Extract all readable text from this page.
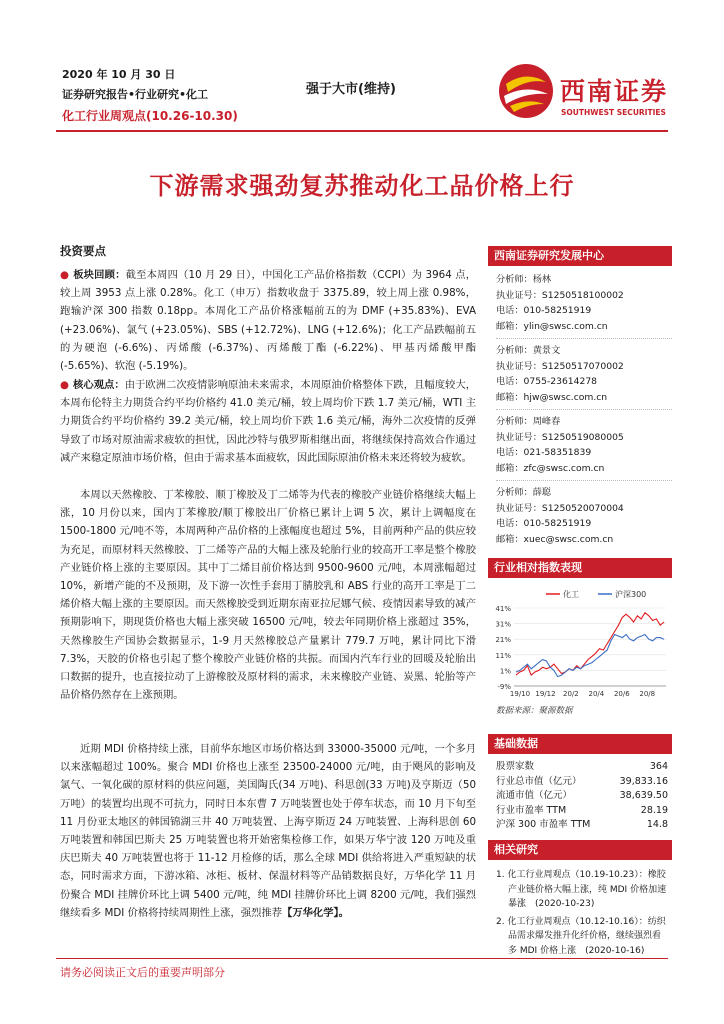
2020 年 10 月 30 日
证券研究报告•行业研究•化工
化工行业周观点(10.26-10.30)
强于大市(维持)	西南证券
SOUTHWEST SECURITIES
下游需求强劲复苏推动化工品价格上行
投资要点
● 板块回顾：截至本周四（10 月 29 日），中国化工产品价格指数（CCPI）为 3964 点，较上周 3953 点上涨 0.28%。化工（申万）指数收盘于 3375.89，较上周上涨 0.98%，跑输沪深 300 指数 0.18pp。本周化工产品价格涨幅前五的为 DMF (+35.83%)、EVA (+23.06%)、氯气 (+23.05%)、SBS (+12.72%)、LNG (+12.6%)；化工产品跌幅前五的为硬泡 (-6.6%)、丙烯酸 (-6.37%)、丙烯酸丁酯 (-6.22%)、甲基丙烯酸甲酯 (-5.65%)、软泡 (-5.19%)。
● 核心观点：由于欧洲二次疫情影响原油未来需求，本周原油价格整体下跌，且幅度较大，本周布伦特主力期货合约平均价格约 41.0 美元/桶，较上周均价下跌 1.7 美元/桶，WTI 主力期货合约平均价格约 39.2 美元/桶，较上周均价下跌 1.6 美元/桶，海外二次疫情的反弹导致了市场对原油需求疲软的担忧，因此沙特与俄罗斯相继出面，将继续保持高效合作通过减产来稳定原油市场价格，但由于需求基本面疲软，因此国际原油价格未来还将较为疲软。
本周以天然橡胶、丁苯橡胶、顺丁橡胶及丁二烯等为代表的橡胶产业链价格继续大幅上涨，10 月份以来，国内丁苯橡胶/顺丁橡胶出厂价格已累计上调 5 次，累计上调幅度在 1500-1800 元/吨不等，本周两种产品价格的上涨幅度也超过 5%，目前两种产品的供应较为充足，而原材料天然橡胶、丁二烯等产品的大幅上涨及轮胎行业的较高开工率是整个橡胶产业链价格上涨的主要原因。其中丁二烯目前价格达到 9500-9600 元/吨，本周涨幅超过 10%，新增产能的不及预期，及下游一次性手套用丁腈胶乳和 ABS 行业的高开工率是丁二烯价格大幅上涨的主要原因。而天然橡胶受到近期东南亚拉尼娜气候、疫情因素导致的减产预期影响下，期现货价格也大幅上涨突破 16500 元/吨，较去年同期价格上涨超过 35%，天然橡胶生产国协会数据显示，1-9 月天然橡胶总产量累计 779.7 万吨，累计同比下滑 7.3%，天胶的价格也引起了整个橡胶产业链价格的共振。而国内汽车行业的回暖及轮胎出口数据的提升，也直接拉动了上游橡胶及原材料的需求，未来橡胶产业链、炭黑、轮胎等产品价格仍然存在上涨预期。
近期 MDI 价格持续上涨，目前华东地区市场价格达到 33000-35000 元/吨，一个多月以来涨幅超过 100%。聚合 MDI 价格也上涨至 23500-24000 元/吨，由于飓风的影响及氯气、一氧化碳的原材料的供应问题，美国陶氏(34 万吨)、科思创(33 万吨)及亨斯迈（50 万吨）的装置均出现不可抗力，同时日本东曹 7 万吨装置也处于停车状态，而 10 月下旬至 11 月份亚太地区的韩国锦湖三井 40 万吨装置、上海亨斯迈 24 万吨装置、上海科思创 60 万吨装置和韩国巴斯夫 25 万吨装置也将开始密集检修工作，如果万华宁波 120 万吨及重庆巴斯夫 40 万吨装置也将于 11-12 月检修的话，那么全球 MDI 供给将进入严重短缺的状态，同时需求方面，下游冰箱、冰柜、板材、保温材料等产品销数据良好，万华化学 11 月份聚合 MDI 挂牌价环比上调 5400 元/吨，纯 MDI 挂牌价环比上调 8200 元/吨，我们强烈继续看多 MDI 价格将持续周期性上涨，强烈推荐【万华化学】。
西南证券研究发展中心
分析师：杨林
执业证号：S1250518100002
电话：010-58251919
邮箱：ylin@swsc.com.cn
分析师：黄景文
执业证号：S1250517070002
电话：0755-23614278
邮箱：hjw@swsc.com.cn
分析师：周峰春
执业证号：S1250519080005
电话：021-58351839
邮箱：zfc@swsc.com.cn
分析师：薛聪
执业证号：S1250520070004
电话：010-58251919
邮箱：xuec@swsc.com.cn
行业相对指数表现
化工	沪深300
41%
31%
21%
11%
1%
-9%
19/10 19/12 20/2 20/4 20/6 20/8
数据来源：聚源数据
基础数据
股票家数	364
行业总市值（亿元）	39,833.16
流通市值（亿元）	38,639.50
行业市盈率 TTM	28.19
沪深 300 市盈率 TTM	14.8
相关研究
1. 化工行业周观点（10.19-10.23）：橡胶产业链价格大幅上涨，纯 MDI 价格加速暴涨　(2020-10-23)
2. 化工行业周观点（10.12-10.16）：纺织品需求爆发推升化纤价格，继续强烈看多 MDI 价格上涨　(2020-10-16)
请务必阅读正文后的重要声明部分
